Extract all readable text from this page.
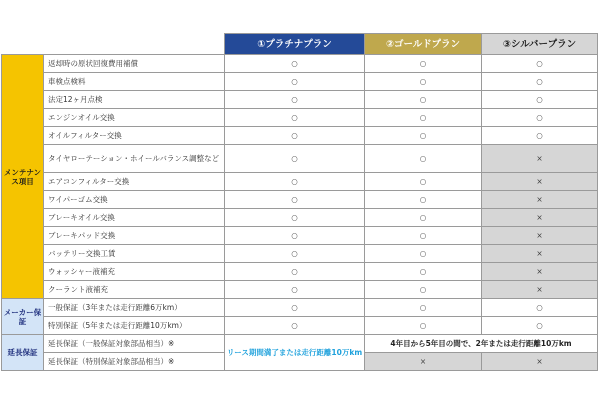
		①プラチナプラン	②ゴールドプラン	③シルバープラン
メンテナンス項目	返却時の原状回復費用補償	○	○	○
	車検点検料	○	○	○
	法定12ヶ月点検	○	○	○
	エンジンオイル交換	○	○	○
	オイルフィルター交換	○	○	○
	タイヤローテーション・ホイールバランス調整など	○	○	×
	エアコンフィルター交換	○	○	×
	ワイパーゴム交換	○	○	×
	ブレーキオイル交換	○	○	×
	ブレーキパッド交換	○	○	×
	バッテリー交換工賃	○	○	×
	ウォッシャー液補充	○	○	×
	クーラント液補充	○	○	×
メーカー保証	一般保証（3年または走行距離6万km）	○	○	○
	特別保証（5年または走行距離10万km）	○	○	○
延長保証	延長保証（一般保証対象部品相当）※	リース期間満了または走行距離10万km	4年目から5年目の間で、2年または走行距離10万km	
	延長保証（特別保証対象部品相当）※		×	×
